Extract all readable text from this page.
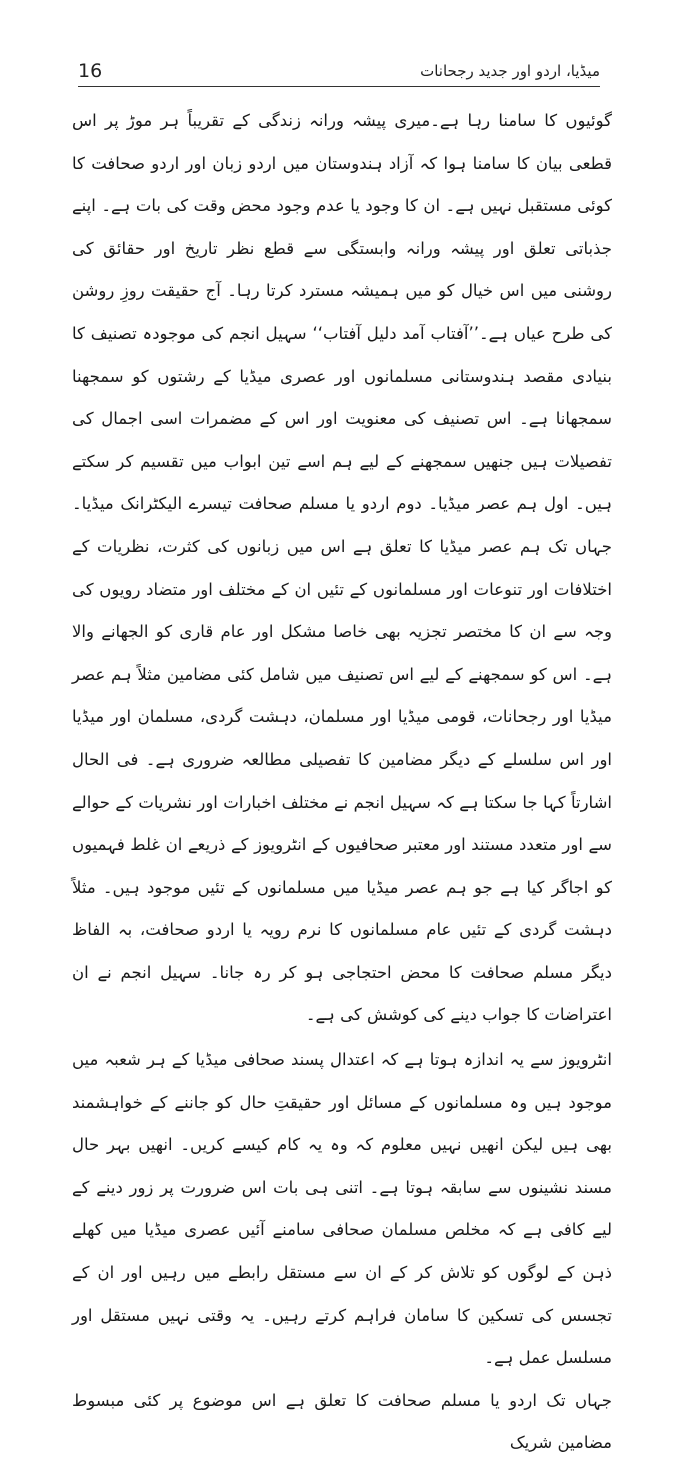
میڈیا، اردو اور جدید رجحانات
16

گوئیوں کا سامنا رہا ہے۔میری پیشہ ورانہ زندگی کے تقریباً ہر موڑ پر اس قطعی بیان کا سامنا ہوا کہ آزاد ہندوستان میں اردو زبان اور اردو صحافت کا کوئی مستقبل نہیں ہے۔ ان کا وجود یا عدم وجود محض وقت کی بات ہے۔ اپنے جذباتی تعلق اور پیشہ ورانہ وابستگی سے قطع نظر تاریخ اور حقائق کی روشنی میں اس خیال کو میں ہمیشہ مسترد کرتا رہا۔ آج حقیقت روزِ روشن کی طرح عیاں ہے۔’’آفتاب آمد دلیل آفتاب‘‘ سہیل انجم کی موجودہ تصنیف کا بنیادی مقصد ہندوستانی مسلمانوں اور عصری میڈیا کے رشتوں کو سمجھنا سمجھانا ہے۔ اس تصنیف کی معنویت اور اس کے مضمرات اسی اجمال کی تفصیلات ہیں جنھیں سمجھنے کے لیے ہم اسے تین ابواب میں تقسیم کر سکتے ہیں۔ اول ہم عصر میڈیا۔ دوم اردو یا مسلم صحافت تیسرے الیکٹرانک میڈیا۔ جہاں تک ہم عصر میڈیا کا تعلق ہے اس میں زبانوں کی کثرت، نظریات کے اختلافات اور تنوعات اور مسلمانوں کے تئیں ان کے مختلف اور متضاد رویوں کی وجہ سے ان کا مختصر تجزیہ بھی خاصا مشکل اور عام قاری کو الجھانے والا ہے۔ اس کو سمجھنے کے لیے اس تصنیف میں شامل کئی مضامین مثلاً ہم عصر میڈیا اور رجحانات، قومی میڈیا اور مسلمان، دہشت گردی، مسلمان اور میڈیا اور اس سلسلے کے دیگر مضامین کا تفصیلی مطالعہ ضروری ہے۔ فی الحال اشارتاً کہا جا سکتا ہے کہ سہیل انجم نے مختلف اخبارات اور نشریات کے حوالے سے اور متعدد مستند اور معتبر صحافیوں کے انٹرویوز کے ذریعے ان غلط فہمیوں کو اجاگر کیا ہے جو ہم عصر میڈیا میں مسلمانوں کے تئیں موجود ہیں۔ مثلاً دہشت گردی کے تئیں عام مسلمانوں کا نرم رویہ یا اردو صحافت، بہ الفاظ دیگر مسلم صحافت کا محض احتجاجی ہو کر رہ جانا۔ سہیل انجم نے ان اعتراضات کا جواب دینے کی کوشش کی ہے۔

انٹرویوز سے یہ اندازہ ہوتا ہے کہ اعتدال پسند صحافی میڈیا کے ہر شعبہ میں موجود ہیں وہ مسلمانوں کے مسائل اور حقیقتِ حال کو جاننے کے خواہشمند بھی ہیں لیکن انھیں نہیں معلوم کہ وہ یہ کام کیسے کریں۔ انھیں بہر حال مسند نشینوں سے سابقہ ہوتا ہے۔ اتنی ہی بات اس ضرورت پر زور دینے کے لیے کافی ہے کہ مخلص مسلمان صحافی سامنے آئیں عصری میڈیا میں کھلے ذہن کے لوگوں کو تلاش کر کے ان سے مستقل رابطے میں رہیں اور ان کے تجسس کی تسکین کا سامان فراہم کرتے رہیں۔ یہ وقتی نہیں مستقل اور مسلسل عمل ہے۔

جہاں تک اردو یا مسلم صحافت کا تعلق ہے اس موضوع پر کئی مبسوط مضامین شریک
